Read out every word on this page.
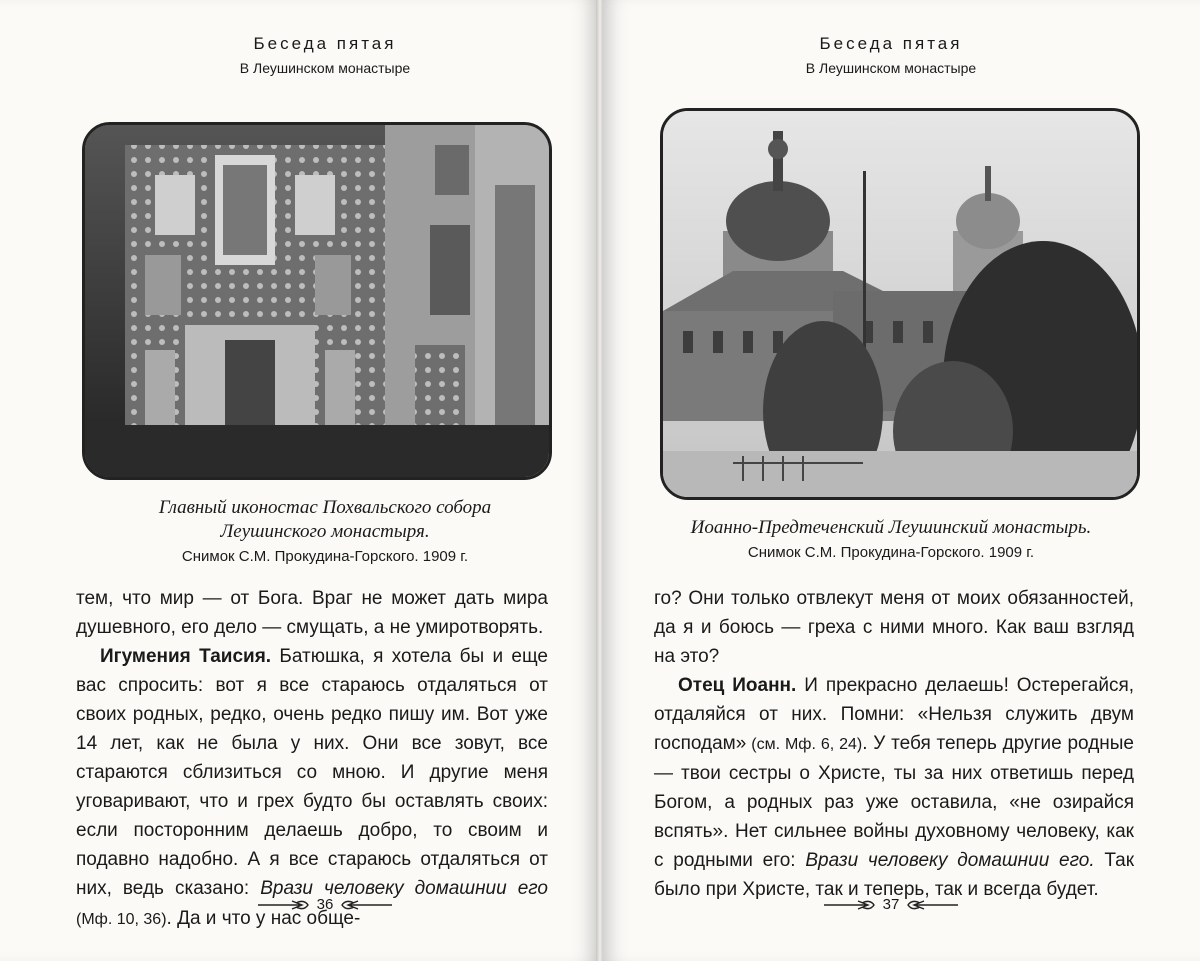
Беседа пятая
В Леушинском монастыре
Главный иконостас Похвальского собора
Леушинского монастыря.
Снимок С.М. Прокудина-Горского. 1909 г.

тем, что мир — от Бога. Враг не может дать мира душевного, его дело — смущать, а не умиротворять.

Игумения Таисия. Батюшка, я хотела бы и еще вас спросить: вот я все стараюсь отдаляться от своих родных, редко, очень редко пишу им. Вот уже 14 лет, как не была у них. Они все зовут, все стараются сблизиться со мною. И другие меня уговаривают, что и грех будто бы оставлять своих: если посторонним делаешь добро, то своим и подавно надобно. А я все стараюсь отдаляться от них, ведь сказано: Врази человеку домашнии его (Мф. 10, 36). Да и что у нас обще-

36
Беседа пятая
В Леушинском монастыре
Иоанно-Предтеченский Леушинский монастырь.
Снимок С.М. Прокудина-Горского. 1909 г.

го? Они только отвлекут меня от моих обязанностей, да я и боюсь — греха с ними много. Как ваш взгляд на это?

Отец Иоанн. И прекрасно делаешь! Остерегайся, отдаляйся от них. Помни: «Нельзя служить двум господам» (см. Мф. 6, 24). У тебя теперь другие родные — твои сестры о Христе, ты за них ответишь перед Богом, а родных раз уже оставила, «не озирайся вспять». Нет сильнее войны духовному человеку, как с родными его: Врази человеку домашнии его. Так было при Христе, так и теперь, так и всегда будет.

37
